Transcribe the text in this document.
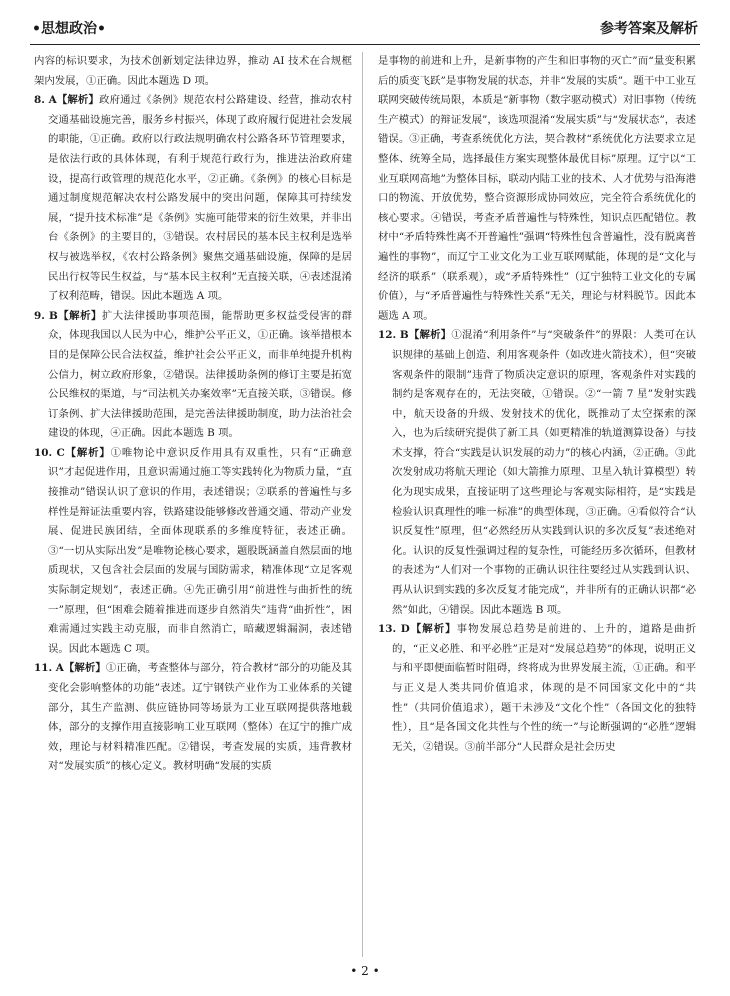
•思想政治•	参考答案及解析

内容的标识要求，为技术创新划定法律边界，推动 AI 技术在合规框架内发展，①正确。因此本题选 D 项。

8. A【解析】政府通过《条例》规范农村公路建设、经营，推动农村交通基础设施完善，服务乡村振兴，体现了政府履行促进社会发展的职能，①正确。政府以行政法规明确农村公路各环节管理要求，是依法行政的具体体现，有利于规范行政行为，推进法治政府建设，提高行政管理的规范化水平，②正确。《条例》的核心目标是通过制度规范解决农村公路发展中的突出问题，保障其可持续发展，“提升技术标准”是《条例》实施可能带来的衍生效果，并非出台《条例》的主要目的，③错误。农村居民的基本民主权利是选举权与被选举权，《农村公路条例》聚焦交通基础设施，保障的是居民出行权等民生权益，与“基本民主权利”无直接关联，④表述混淆了权利范畴，错误。因此本题选 A 项。

9. B【解析】扩大法律援助事项范围，能帮助更多权益受侵害的群众，体现我国以人民为中心，维护公平正义，①正确。该举措根本目的是保障公民合法权益，维护社会公平正义，而非单纯提升机构公信力，树立政府形象，②错误。法律援助条例的修订主要是拓宽公民维权的渠道，与“司法机关办案效率”无直接关联，③错误。修订条例、扩大法律援助范围，是完善法律援助制度，助力法治社会建设的体现，④正确。因此本题选 B 项。

10. C【解析】①唯物论中意识反作用具有双重性，只有“正确意识”才起促进作用，且意识需通过施工等实践转化为物质力量，“直接推动”错误认识了意识的作用，表述错误；②联系的普遍性与多样性是辩证法重要内容，铁路建设能够修改普通交通、带动产业发展、促进民族团结，全面体现联系的多维度特征，表述正确。③“一切从实际出发”是唯物论核心要求，题股既涵盖自然层面的地质现状，又包含社会层面的发展与国防需求，精准体现“立足客观实际制定规划”，表述正确。④先正确引用“前进性与曲折性的统一”原理，但“困难会随着推进而逐步自然消失”违背“曲折性”，困难需通过实践主动克服，而非自然消亡，暗藏逻辑漏洞，表述错误。因此本题选 C 项。

11. A【解析】①正确，考查整体与部分，符合教材“部分的功能及其变化会影响整体的功能”表述。辽宁钢铁产业作为工业体系的关键部分，其生产监测、供应链协同等场景为工业互联网提供落地载体，部分的支撑作用直接影响工业互联网（整体）在辽宁的推广成效，理论与材料精准匹配。②错误，考查发展的实质，违背教材对“发展实质”的核心定义。教材明确“发展的实质

是事物的前进和上升，是新事物的产生和旧事物的灭亡”而“量变积累后的质变飞跃”是事物发展的状态，并非“发展的实质”。题干中工业互联网突破传统局限，本质是“新事物（数字驱动模式）对旧事物（传统生产模式）的辩证发展”，该选项混淆“发展实质”与“发展状态”，表述错误。③正确，考查系统优化方法，契合教材“系统优化方法要求立足整体、统筹全局，选择最佳方案实现整体最优目标”原理。辽宁以“工业互联网高地”为整体目标，联动内陆工业的技术、人才优势与沿海港口的物流、开放优势，整合资源形成协同效应，完全符合系统优化的核心要求。④错误，考查矛盾普遍性与特殊性，知识点匹配错位。教材中“矛盾特殊性离不开普遍性”强调“特殊性包含普遍性，没有脱离普遍性的事物”，而辽宁工业文化为工业互联网赋能，体现的是“文化与经济的联系”（联系观），或“矛盾特殊性”（辽宁独特工业文化的专属价值），与“矛盾普遍性与特殊性关系”无关，理论与材料脱节。因此本题选 A 项。

12. B【解析】①混淆“利用条件”与“突破条件”的界限：人类可在认识规律的基础上创造、利用客观条件（如改进火箭技术），但“突破客观条件的限制”违背了物质决定意识的原理，客观条件对实践的制约是客观存在的，无法突破，①错误。②“一箭 7 星”发射实践中，航天设备的升级、发射技术的优化，既推动了太空探索的深入，也为后续研究提供了新工具（如更精准的轨道测算设备）与技术支撑，符合“实践是认识发展的动力”的核心内涵，②正确。③此次发射成功将航天理论（如大箭推力原理、卫星入轨计算模型）转化为现实成果，直接证明了这些理论与客观实际相符，是“实践是检验认识真理性的唯一标准”的典型体现，③正确。④看似符合“认识反复性”原理，但“必然经历从实践到认识的多次反复”表述绝对化。认识的反复性强调过程的复杂性，可能经历多次循环，但教材的表述为“人们对一个事物的正确认识往往要经过从实践到认识、再从认识到实践的多次反复才能完成”，并非所有的正确认识都“必然”如此，④错误。因此本题选 B 项。

13. D【解析】事物发展总趋势是前进的、上升的，道路是曲折的，“正义必胜、和平必胜”正是对“发展总趋势”的体现，说明正义与和平即便面临暂时阻碍，终将成为世界发展主流，①正确。和平与正义是人类共同价值追求，体现的是不同国家文化中的“共性”（共同价值追求），题干未涉及“文化个性”（各国文化的独特性），且“是各国文化共性与个性的统一”与论断强调的“必胜”逻辑无关，②错误。③前半部分“人民群众是社会历史

• 2 •
